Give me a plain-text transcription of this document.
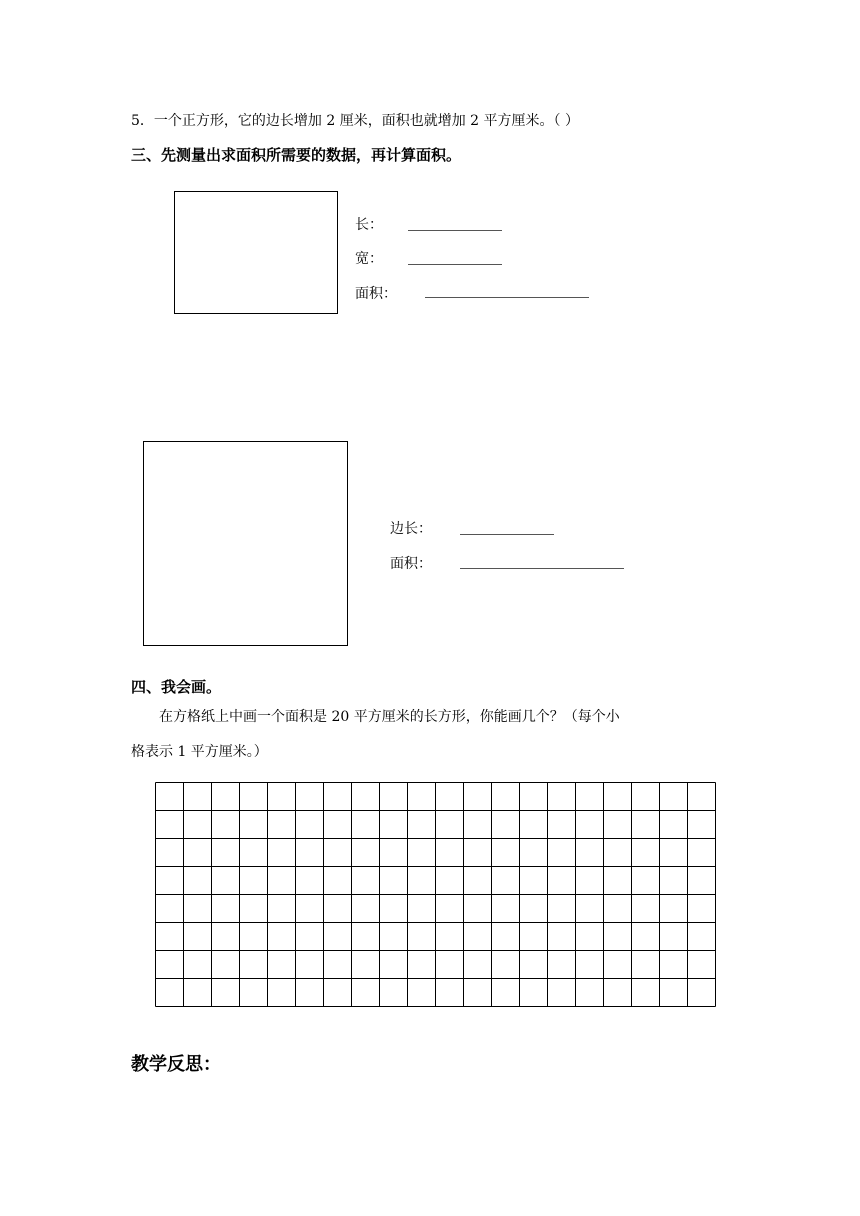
5．一个正方形，它的边长增加 2 厘米，面积也就增加 2 平方厘米。（ ）
三、先测量出求面积所需要的数据，再计算面积。
长：
宽：
面积：
边长：
面积：
四、我会画。
在方格纸上中画一个面积是 20 平方厘米的长方形，你能画几个？（每个小
格表示 1 平方厘米。）
教学反思：
